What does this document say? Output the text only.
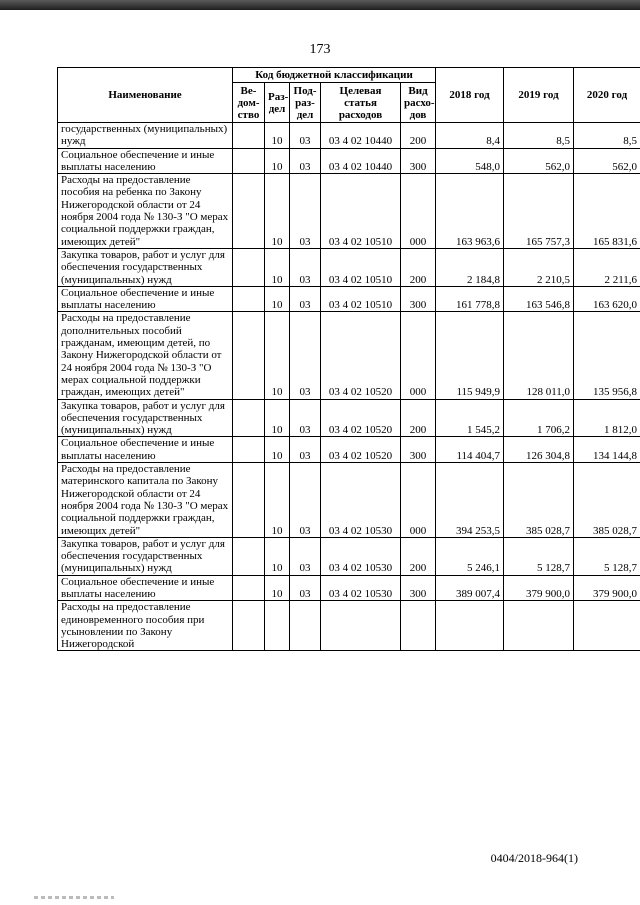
173
Наименование	Код бюджетной классификации					2018 год	2019 год	2020 год
	Ве-дом-ство	Раз-дел	Под-раз-дел	Целевая статья расходов	Вид расхо-дов			
государственных (муниципальных) нужд		10	03	03 4 02 10440	200	8,4	8,5	8,5
Социальное обеспечение и иные выплаты населению		10	03	03 4 02 10440	300	548,0	562,0	562,0
Расходы на предоставление пособия на ребенка по Закону Нижегородской области от 24 ноября 2004 года № 130-З "О мерах социальной поддержки граждан, имеющих детей"		10	03	03 4 02 10510	000	163 963,6	165 757,3	165 831,6
Закупка товаров, работ и услуг для обеспечения государственных (муниципальных) нужд		10	03	03 4 02 10510	200	2 184,8	2 210,5	2 211,6
Социальное обеспечение и иные выплаты населению		10	03	03 4 02 10510	300	161 778,8	163 546,8	163 620,0
Расходы на предоставление дополнительных пособий гражданам, имеющим детей, по Закону Нижегородской области от 24 ноября 2004 года № 130-З "О мерах социальной поддержки граждан, имеющих детей"		10	03	03 4 02 10520	000	115 949,9	128 011,0	135 956,8
Закупка товаров, работ и услуг для обеспечения государственных (муниципальных) нужд		10	03	03 4 02 10520	200	1 545,2	1 706,2	1 812,0
Социальное обеспечение и иные выплаты населению		10	03	03 4 02 10520	300	114 404,7	126 304,8	134 144,8
Расходы на предоставление материнского капитала по Закону Нижегородской области от 24 ноября 2004 года № 130-З "О мерах социальной поддержки граждан, имеющих детей"		10	03	03 4 02 10530	000	394 253,5	385 028,7	385 028,7
Закупка товаров, работ и услуг для обеспечения государственных (муниципальных) нужд		10	03	03 4 02 10530	200	5 246,1	5 128,7	5 128,7
Социальное обеспечение и иные выплаты населению		10	03	03 4 02 10530	300	389 007,4	379 900,0	379 900,0
Расходы на предоставление единовременного пособия при усыновлении по Закону Нижегородской								
0404/2018-964(1)
